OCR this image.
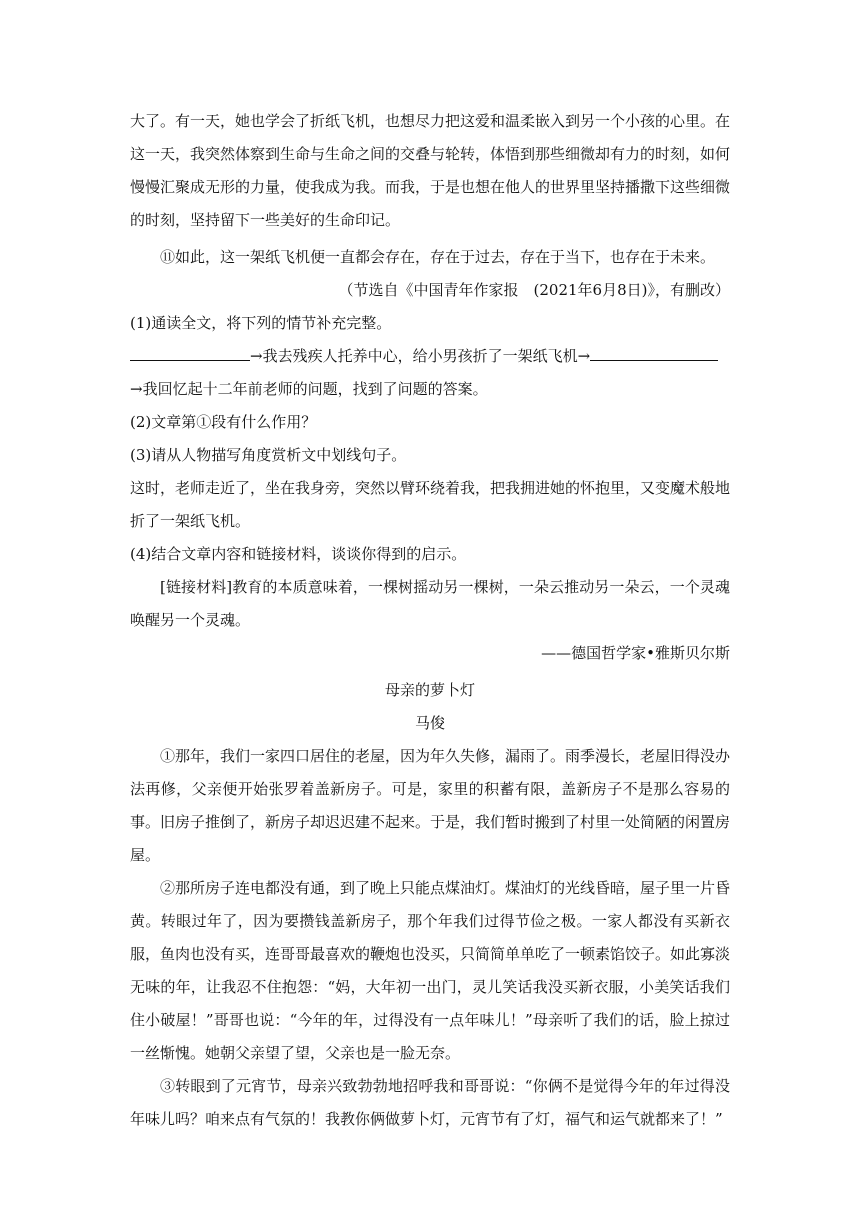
大了。有一天，她也学会了折纸飞机，也想尽力把这爱和温柔嵌入到另一个小孩的心里。在这一天，我突然体察到生命与生命之间的交叠与轮转，体悟到那些细微却有力的时刻，如何慢慢汇聚成无形的力量，使我成为我。而我，于是也想在他人的世界里坚持播撒下这些细微的时刻，坚持留下一些美好的生命印记。

⑪如此，这一架纸飞机便一直都会存在，存在于过去，存在于当下，也存在于未来。

（节选自《中国青年作家报　(2021年6月8日)》，有删改）

(1)通读全文，将下列的情节补充完整。

→我去残疾人托养中心，给小男孩折了一架纸飞机→

→我回忆起十二年前老师的问题，找到了问题的答案。

(2)文章第①段有什么作用？

(3)请从人物描写角度赏析文中划线句子。

这时，老师走近了，坐在我身旁，突然以臂环绕着我，把我拥进她的怀抱里，又变魔术般地折了一架纸飞机。

(4)结合文章内容和链接材料，谈谈你得到的启示。

[链接材料]教育的本质意味着，一棵树摇动另一棵树，一朵云推动另一朵云，一个灵魂唤醒另一个灵魂。

——德国哲学家•雅斯贝尔斯

母亲的萝卜灯

马俊

①那年，我们一家四口居住的老屋，因为年久失修，漏雨了。雨季漫长，老屋旧得没办法再修，父亲便开始张罗着盖新房子。可是，家里的积蓄有限，盖新房子不是那么容易的事。旧房子推倒了，新房子却迟迟建不起来。于是，我们暂时搬到了村里一处简陋的闲置房屋。

②那所房子连电都没有通，到了晚上只能点煤油灯。煤油灯的光线昏暗，屋子里一片昏黄。转眼过年了，因为要攒钱盖新房子，那个年我们过得节俭之极。一家人都没有买新衣服，鱼肉也没有买，连哥哥最喜欢的鞭炮也没买，只简简单单吃了一顿素馅饺子。如此寡淡无味的年，让我忍不住抱怨：“妈，大年初一出门，灵儿笑话我没买新衣服，小美笑话我们住小破屋！”哥哥也说：“今年的年，过得没有一点年味儿！”母亲听了我们的话，脸上掠过一丝惭愧。她朝父亲望了望，父亲也是一脸无奈。

③转眼到了元宵节，母亲兴致勃勃地招呼我和哥哥说：“你俩不是觉得今年的年过得没年味儿吗？咱来点有气氛的！我教你俩做萝卜灯，元宵节有了灯，福气和运气就都来了！”
